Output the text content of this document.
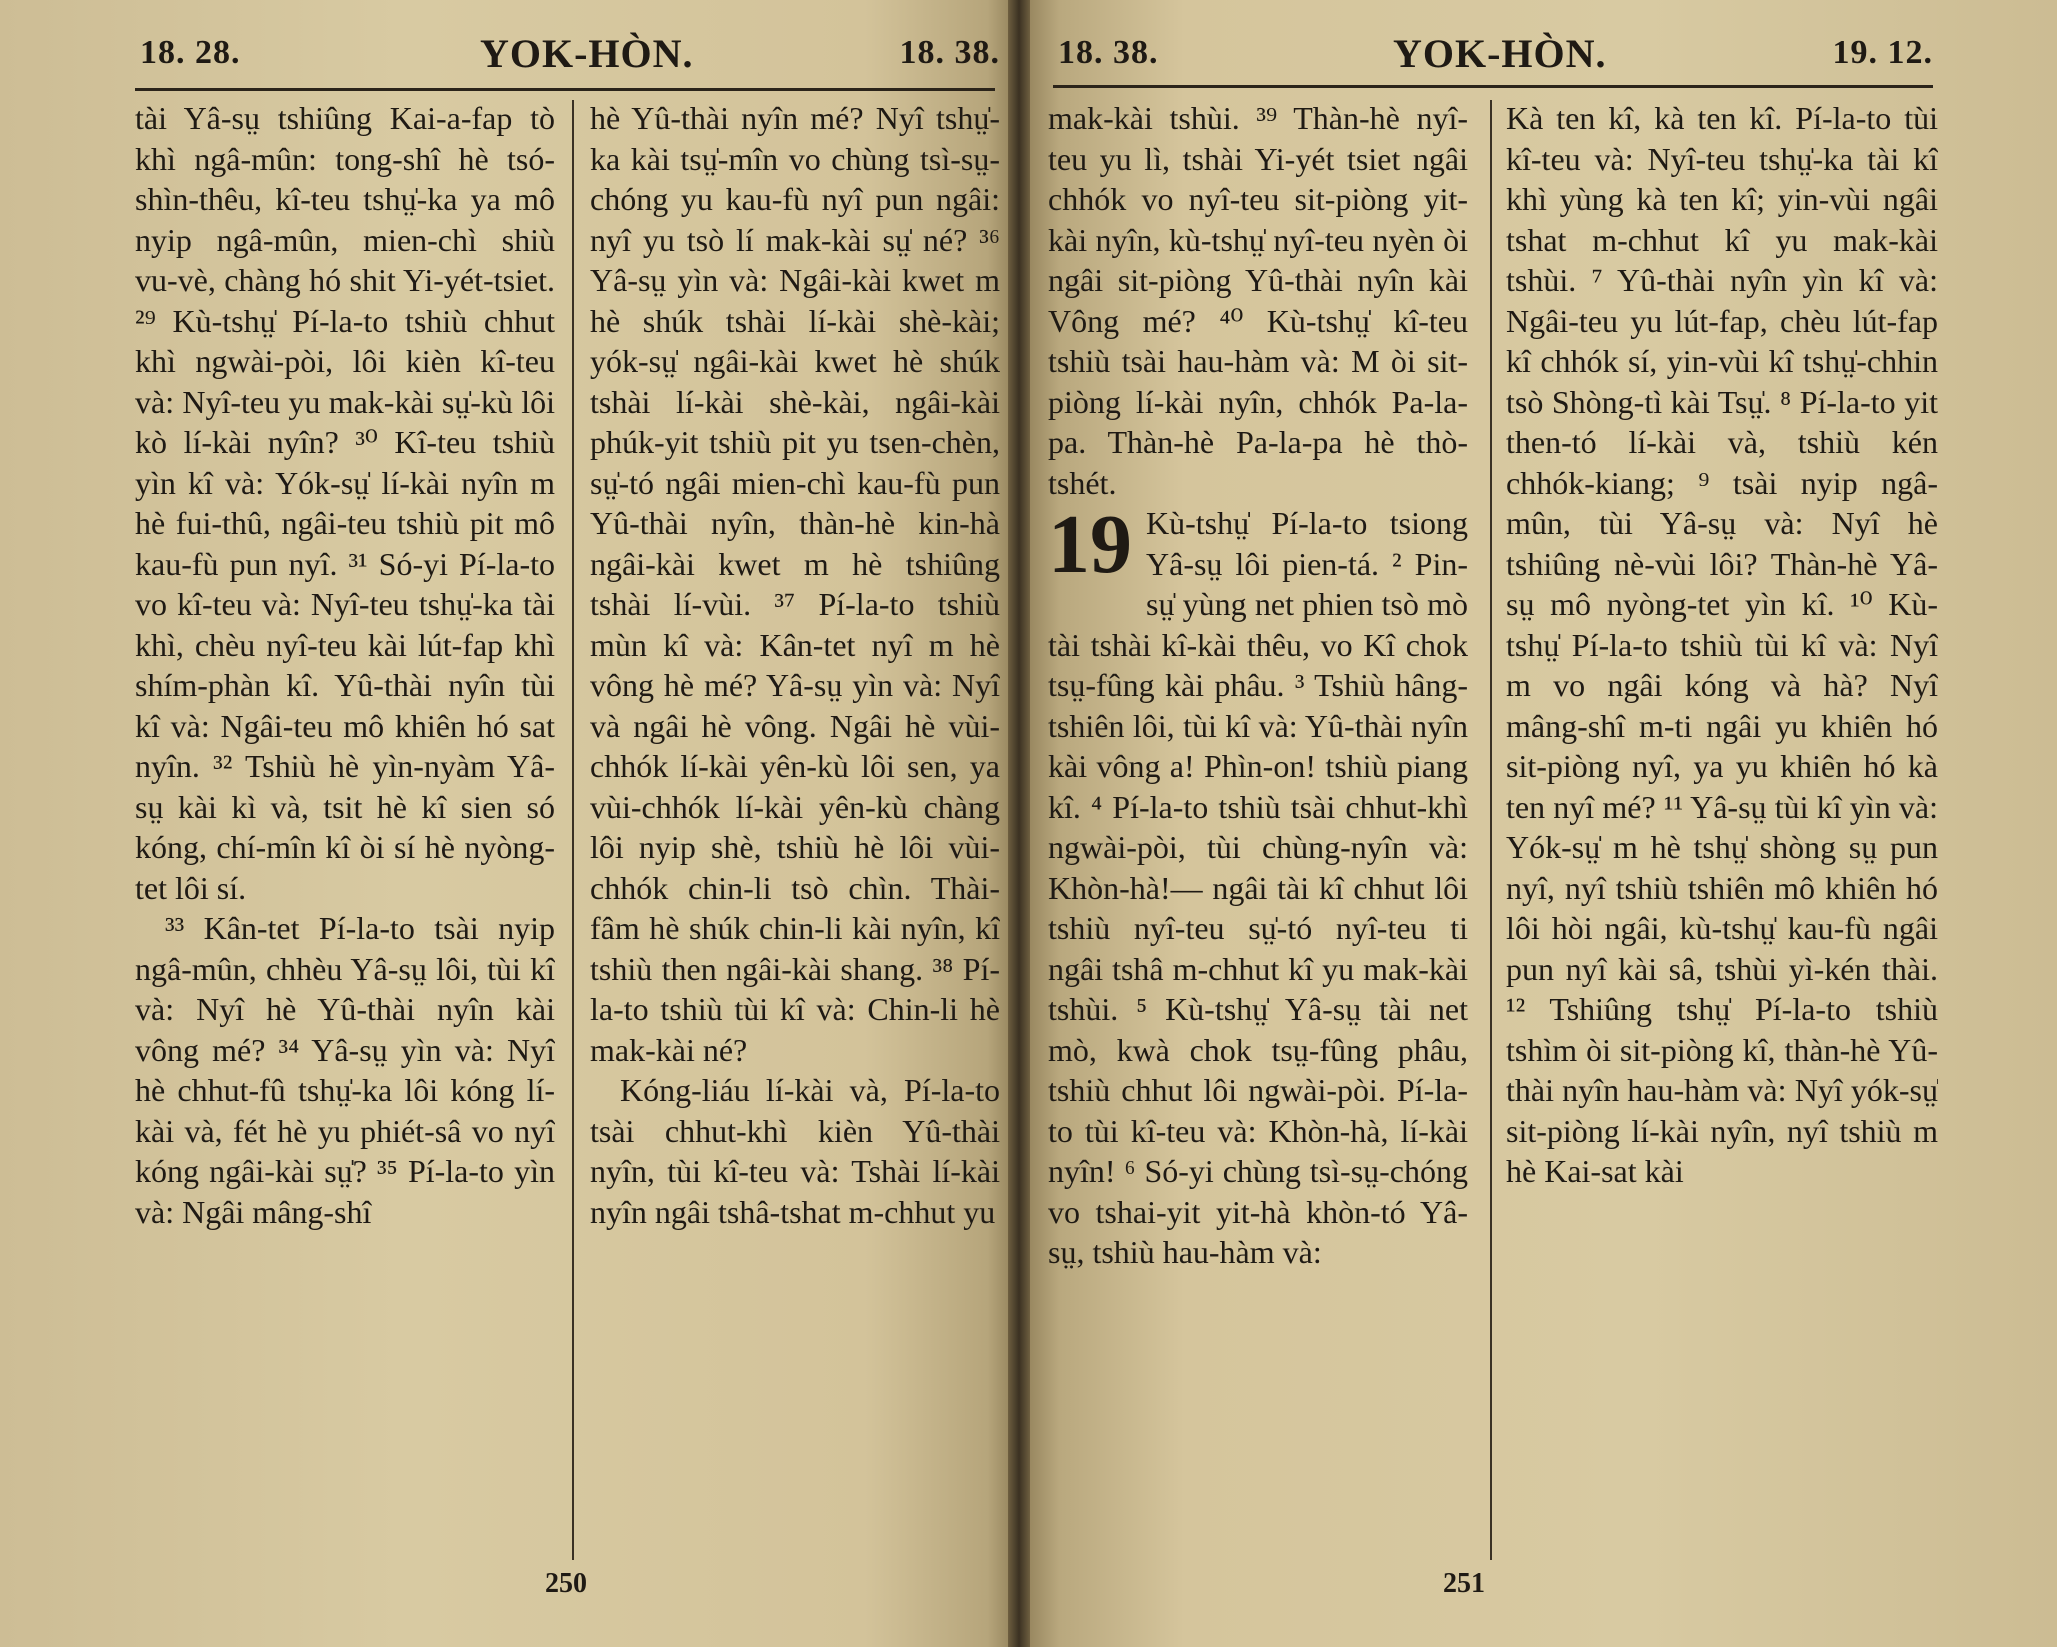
18. 28.	YOK-HÒN.	18. 38.

tài Yâ-sṳ tshiûng Kai-a-fap tò khì ngâ-mûn: tong-shî hè tsó-shìn-thêu, kî-teu tshṳ̍-ka ya mô nyip ngâ-mûn, mien-chì shiù vu-vè, chàng hó shit Yi-yét-tsiet. ²⁹ Kù-tshṳ̍ Pí-la-to tshiù chhut khì ngwài-pòi, lôi kièn kî-teu và: Nyî-teu yu mak-kài sṳ̍-kù lôi kò lí-kài nyîn? ³⁰ Kî-teu tshiù yìn kî và: Yók-sṳ̍ lí-kài nyîn m hè fui-thû, ngâi-teu tshiù pit mô kau-fù pun nyî. ³¹ Só-yi Pí-la-to vo kî-teu và: Nyî-teu tshṳ̍-ka tài khì, chèu nyî-teu kài lút-fap khì shím-phàn kî. Yû-thài nyîn tùi kî và: Ngâi-teu mô khiên hó sat nyîn. ³² Tshiù hè yìn-nyàm Yâ-sṳ kài kì và, tsit hè kî sien só kóng, chí-mîn kî òi sí hè nyòng-tet lôi sí.

³³ Kân-tet Pí-la-to tsài nyip ngâ-mûn, chhèu Yâ-sṳ lôi, tùi kî và: Nyî hè Yû-thài nyîn kài vông mé? ³⁴ Yâ-sṳ yìn và: Nyî hè chhut-fû tshṳ̍-ka lôi kóng lí-kài và, fét hè yu phiét-sâ vo nyî kóng ngâi-kài sṳ̍? ³⁵ Pí-la-to yìn và: Ngâi mâng-shî

hè Yû-thài nyîn mé? Nyî tshṳ̍-ka kài tsṳ̍-mîn vo chùng tsì-sṳ-chóng yu kau-fù nyî pun ngâi: nyî yu tsò lí mak-kài sṳ̍ né? ³⁶ Yâ-sṳ yìn và: Ngâi-kài kwet m hè shúk tshài lí-kài shè-kài; yók-sṳ̍ ngâi-kài kwet hè shúk tshài lí-kài shè-kài, ngâi-kài phúk-yit tshiù pit yu tsen-chèn, sṳ̍-tó ngâi mien-chì kau-fù pun Yû-thài nyîn, thàn-hè kin-hà ngâi-kài kwet m hè tshiûng tshài lí-vùi. ³⁷ Pí-la-to tshiù mùn kî và: Kân-tet nyî m hè vông hè mé? Yâ-sṳ yìn và: Nyî và ngâi hè vông. Ngâi hè vùi-chhók lí-kài yên-kù lôi sen, ya vùi-chhók lí-kài yên-kù chàng lôi nyip shè, tshiù hè lôi vùi-chhók chin-li tsò chìn. Thài-fâm hè shúk chin-li kài nyîn, kî tshiù then ngâi-kài shang. ³⁸ Pí-la-to tshiù tùi kî và: Chin-li hè mak-kài né?

Kóng-liáu lí-kài và, Pí-la-to tsài chhut-khì kièn Yû-thài nyîn, tùi kî-teu và: Tshài lí-kài nyîn ngâi tshâ-tshat m-chhut yu

250
18. 38.	YOK-HÒN.	19. 12.

mak-kài tshùi. ³⁹ Thàn-hè nyî-teu yu lì, tshài Yi-yét tsiet ngâi chhók vo nyî-teu sit-piòng yit-kài nyîn, kù-tshṳ̍ nyî-teu nyèn òi ngâi sit-piòng Yû-thài nyîn kài Vông mé? ⁴⁰ Kù-tshṳ̍ kî-teu tshiù tsài hau-hàm và: M òi sit-piòng lí-kài nyîn, chhók Pa-la-pa. Thàn-hè Pa-la-pa hè thò-tshét.

19 Kù-tshṳ̍ Pí-la-to tsiong Yâ-sṳ lôi pien-tá. ² Pin-sṳ̍ yùng net phien tsò mò tài tshài kî-kài thêu, vo Kî chok tsṳ-fûng kài phâu. ³ Tshiù hâng-tshiên lôi, tùi kî và: Yû-thài nyîn kài vông a! Phìn-on! tshiù piang kî. ⁴ Pí-la-to tshiù tsài chhut-khì ngwài-pòi, tùi chùng-nyîn và: Khòn-hà!— ngâi tài kî chhut lôi tshiù nyî-teu sṳ̍-tó nyî-teu ti ngâi tshâ m-chhut kî yu mak-kài tshùi. ⁵ Kù-tshṳ̍ Yâ-sṳ tài net mò, kwà chok tsṳ-fûng phâu, tshiù chhut lôi ngwài-pòi. Pí-la-to tùi kî-teu và: Khòn-hà, lí-kài nyîn! ⁶ Só-yi chùng tsì-sṳ-chóng vo tshai-yit yit-hà khòn-tó Yâ-sṳ, tshiù hau-hàm và:

Kà ten kî, kà ten kî. Pí-la-to tùi kî-teu và: Nyî-teu tshṳ̍-ka tài kî khì yùng kà ten kî; yin-vùi ngâi tshat m-chhut kî yu mak-kài tshùi. ⁷ Yû-thài nyîn yìn kî và: Ngâi-teu yu lút-fap, chèu lút-fap kî chhók sí, yin-vùi kî tshṳ̍-chhin tsò Shòng-tì kài Tsṳ̍. ⁸ Pí-la-to yit then-tó lí-kài và, tshiù kén chhók-kiang; ⁹ tsài nyip ngâ-mûn, tùi Yâ-sṳ và: Nyî hè tshiûng nè-vùi lôi? Thàn-hè Yâ-sṳ mô nyòng-tet yìn kî. ¹⁰ Kù-tshṳ̍ Pí-la-to tshiù tùi kî và: Nyî m vo ngâi kóng và hà? Nyî mâng-shî m-ti ngâi yu khiên hó sit-piòng nyî, ya yu khiên hó kà ten nyî mé? ¹¹ Yâ-sṳ tùi kî yìn và: Yók-sṳ̍ m hè tshṳ̍ shòng sṳ pun nyî, nyî tshiù tshiên mô khiên hó lôi hòi ngâi, kù-tshṳ̍ kau-fù ngâi pun nyî kài sâ, tshùi yì-kén thài. ¹² Tshiûng tshṳ̍ Pí-la-to tshiù tshìm òi sit-piòng kî, thàn-hè Yû-thài nyîn hau-hàm và: Nyî yók-sṳ̍ sit-piòng lí-kài nyîn, nyî tshiù m hè Kai-sat kài

251
